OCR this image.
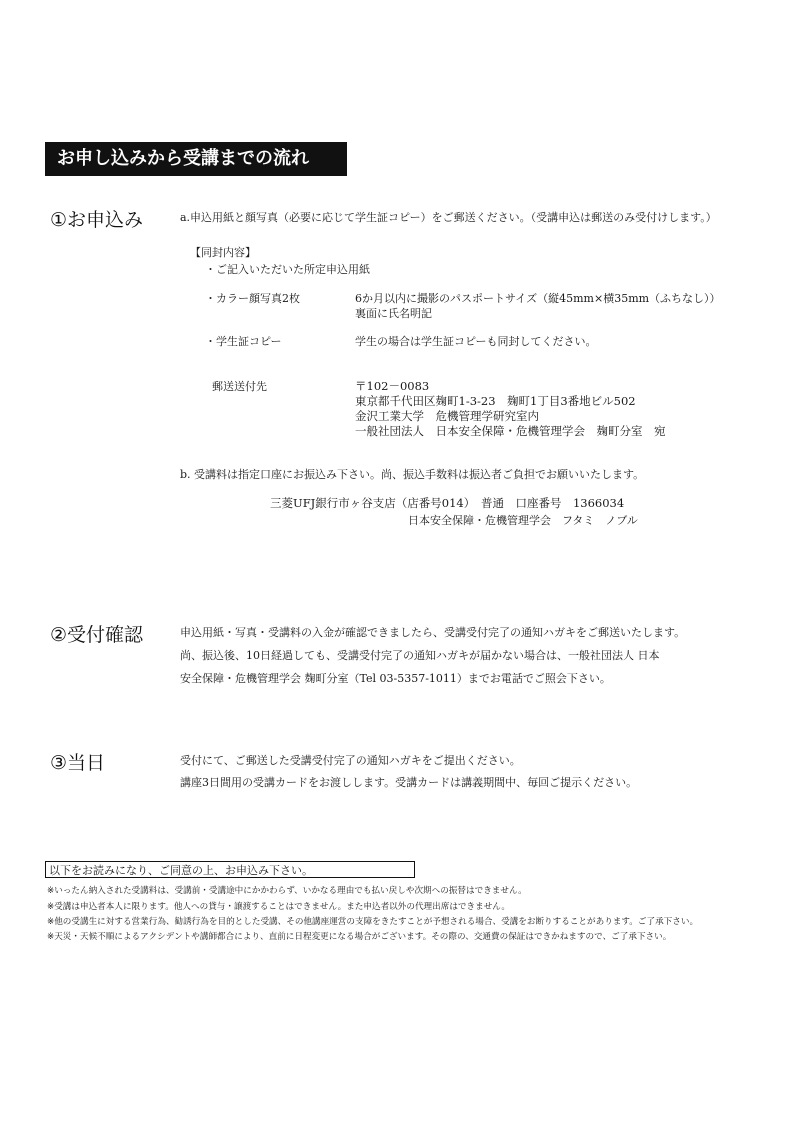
お申し込みから受講までの流れ
①お申込み	a.申込用紙と顔写真（必要に応じて学生証コピー）をご郵送ください。（受講申込は郵送のみ受付けします。）
【同封内容】
・ご記入いただいた所定申込用紙
・カラー顔写真2枚	6か月以内に撮影のパスポートサイズ（縦45mm×横35mm（ふちなし））
裏面に氏名明記
・学生証コピー	学生の場合は学生証コピーも同封してください。
郵送送付先	〒102－0083
東京都千代田区麹町1-3-23　麹町1丁目3番地ビル502
金沢工業大学　危機管理学研究室内
一般社団法人　日本安全保障・危機管理学会　麹町分室　宛
b. 受講料は指定口座にお振込み下さい。尚、振込手数料は振込者ご負担でお願いいたします。
三菱UFJ銀行市ヶ谷支店（店番号014）　普通　口座番号　1366034
日本安全保障・危機管理学会　フタミ　ノブル
②受付確認	申込用紙・写真・受講料の入金が確認できましたら、受講受付完了の通知ハガキをご郵送いたします。
尚、振込後、10日経過しても、受講受付完了の通知ハガキが届かない場合は、一般社団法人 日本
安全保障・危機管理学会 麹町分室（Tel 03-5357-1011）までお電話でご照会下さい。
③当日	受付にて、ご郵送した受講受付完了の通知ハガキをご提出ください。
講座3日間用の受講カードをお渡しします。受講カードは講義期間中、毎回ご提示ください。
以下をお読みになり、ご同意の上、お申込み下さい。
※いったん納入された受講料は、受講前・受講途中にかかわらず、いかなる理由でも払い戻しや次期への振替はできません。
※受講は申込者本人に限ります。他人への貸与・譲渡することはできません。また申込者以外の代理出席はできません。
※他の受講生に対する営業行為、勧誘行為を目的とした受講、その他講座運営の支障をきたすことが予想される場合、受講をお断りすることがあります。ご了承下さい。
※天災・天候不順によるアクシデントや講師都合により、直前に日程変更になる場合がございます。その際の、交通費の保証はできかねますので、ご了承下さい。
